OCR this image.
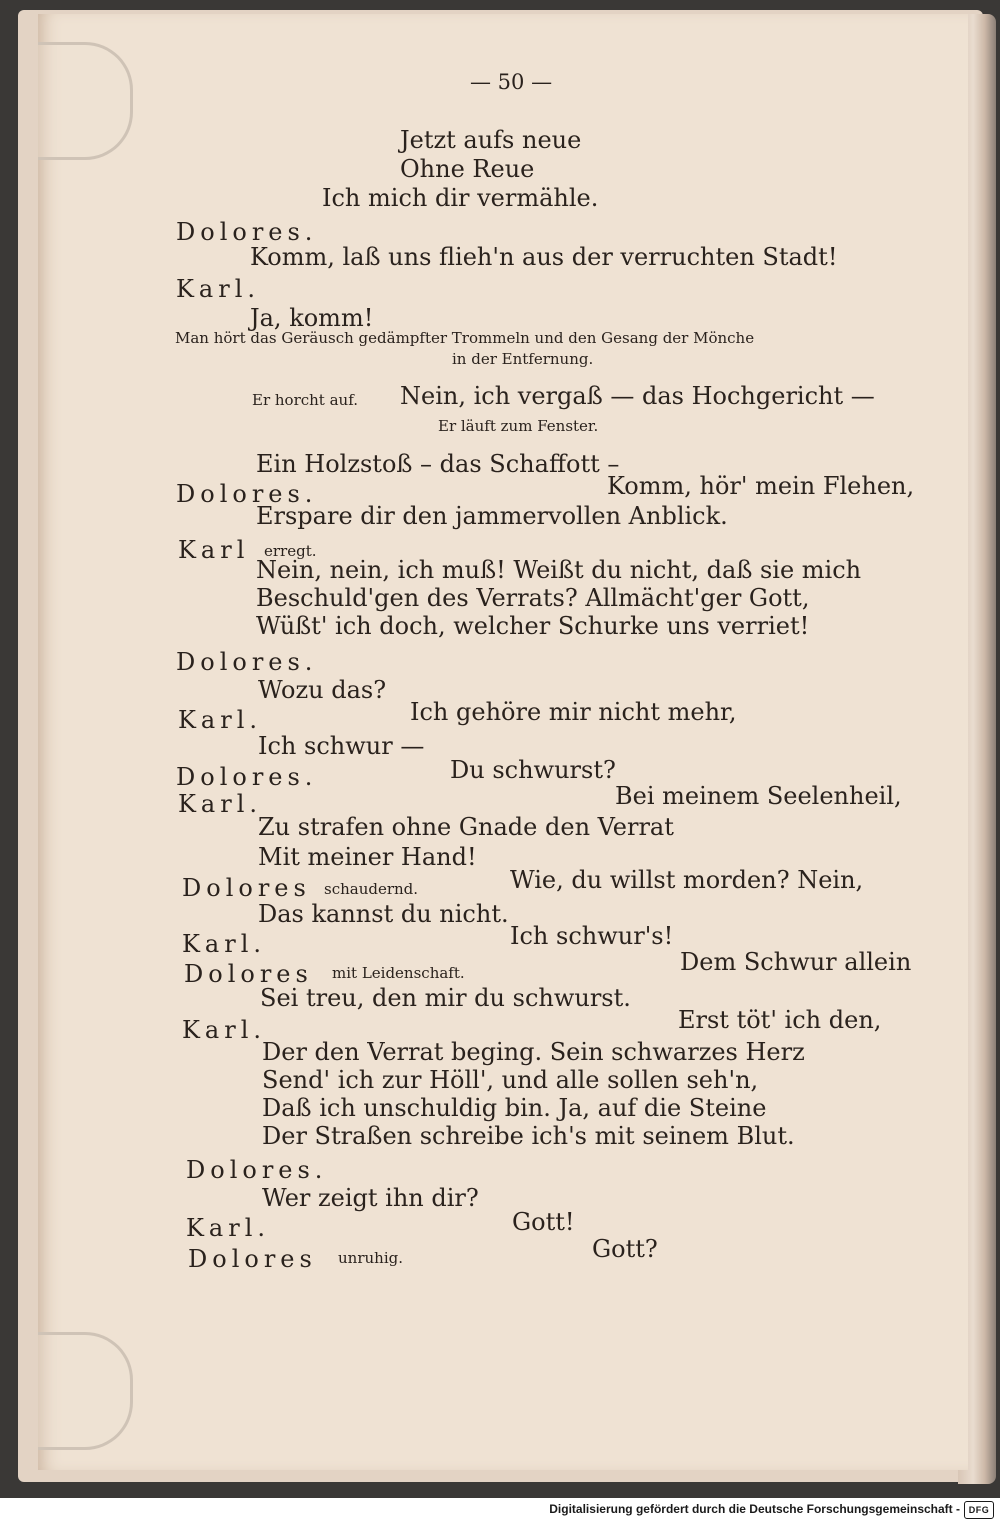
— 50 —
Jetzt aufs neue
Ohne Reue
Ich mich dir vermähle.
Dolores.
Komm, laß uns flieh'n aus der verruchten Stadt!
Karl.
Ja, komm!
Man hört das Geräusch gedämpfter Trommeln und den Gesang der Mönche
in der Entfernung.
Er horcht auf. Nein, ich vergaß — das Hochgericht —
Er läuft zum Fenster.
Ein Holzstoß – das Schaffott –
Dolores.	Komm, hör' mein Flehen,
Erspare dir den jammervollen Anblick.
Karl erregt.
Nein, nein, ich muß! Weißt du nicht, daß sie mich
Beschuld'gen des Verrats? Allmächt'ger Gott,
Wüßt' ich doch, welcher Schurke uns verriet!
Dolores.
Wozu das?
Karl.	Ich gehöre mir nicht mehr,
Ich schwur —
Dolores.	Du schwurst?
Karl.	Bei meinem Seelenheil,
Zu strafen ohne Gnade den Verrat
Mit meiner Hand!
Dolores schaudernd.	Wie, du willst morden? Nein,
Das kannst du nicht.
Karl.	Ich schwur's!
Dolores mit Leidenschaft.	Dem Schwur allein
Sei treu, den mir du schwurst.
Karl.	Erst töt' ich den,
Der den Verrat beging. Sein schwarzes Herz
Send' ich zur Höll', und alle sollen seh'n,
Daß ich unschuldig bin. Ja, auf die Steine
Der Straßen schreibe ich's mit seinem Blut.
Dolores.
Wer zeigt ihn dir?
Karl.	Gott!
Dolores unruhig.	Gott?
Digitalisierung gefördert durch die Deutsche Forschungsgemeinschaft - DFG
